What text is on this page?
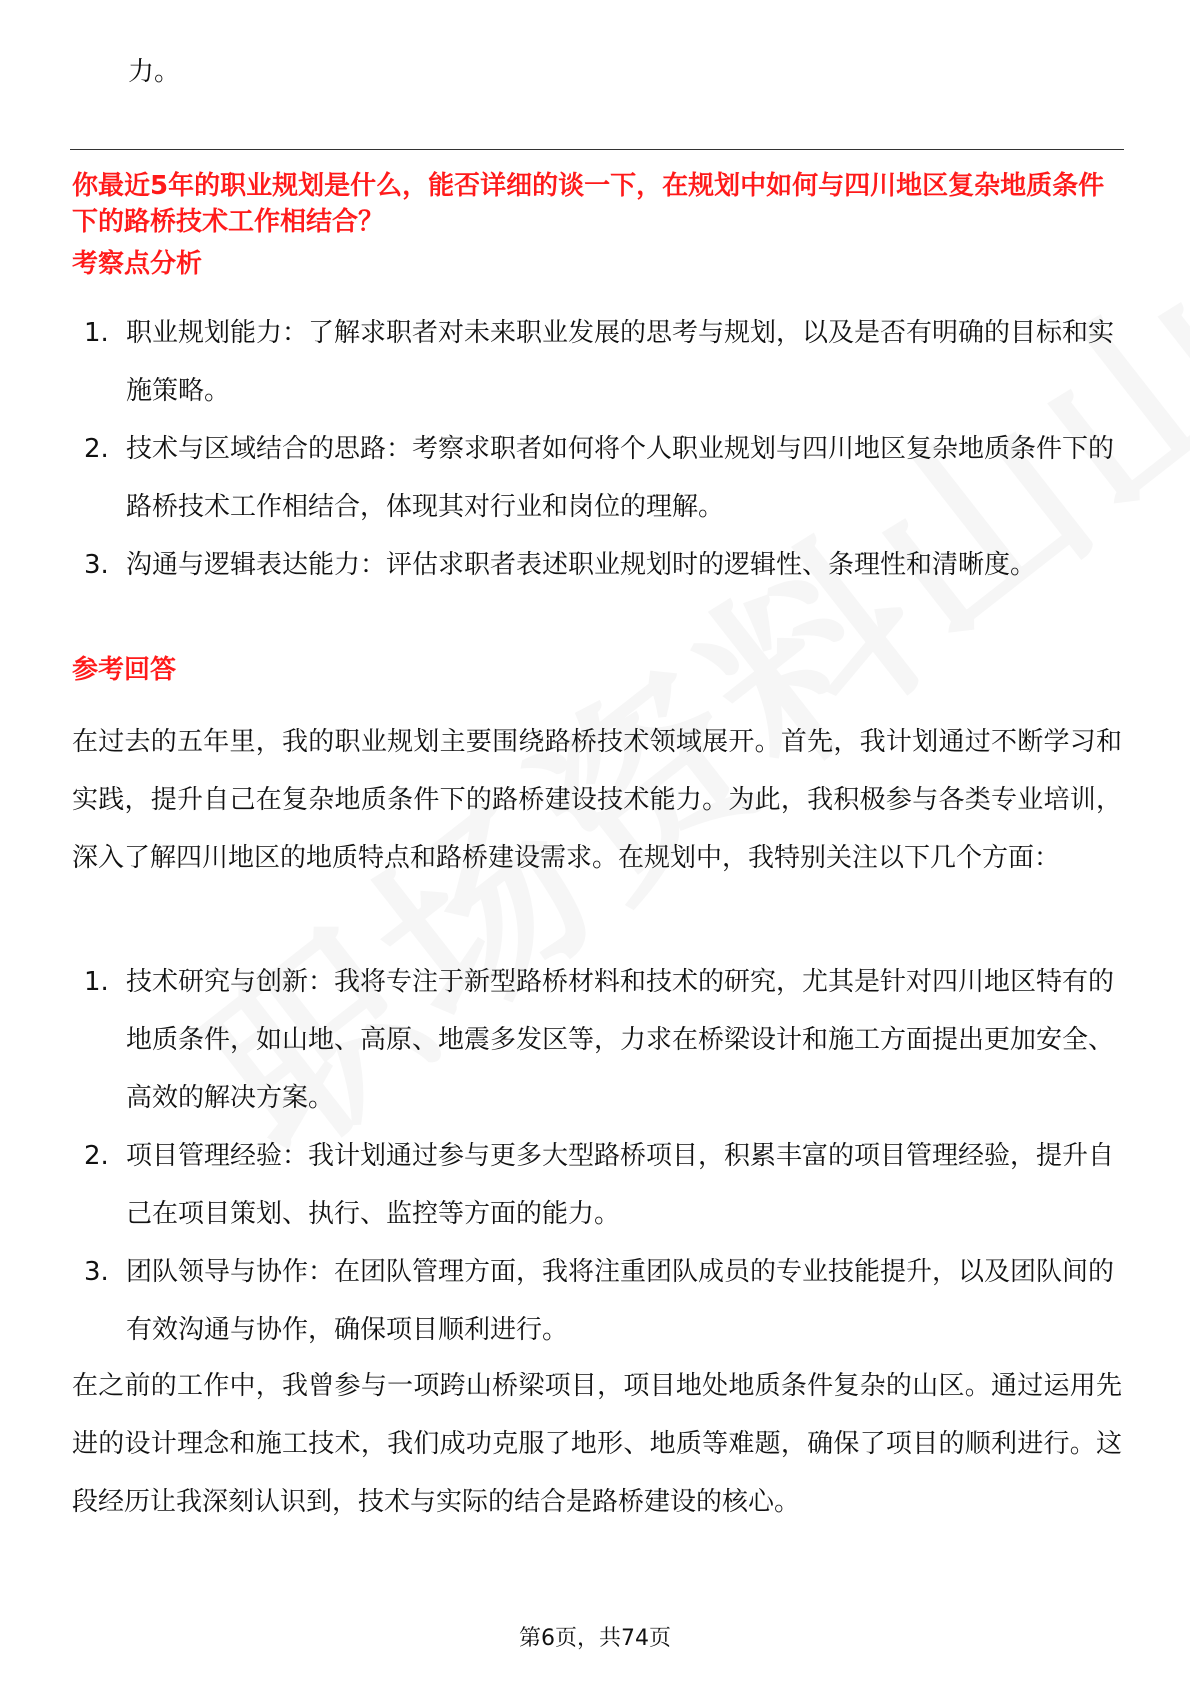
力。
你最近5年的职业规划是什么，能否详细的谈一下，在规划中如何与四川地区复杂地质条件下的路桥技术工作相结合？
考察点分析
1. 职业规划能力：了解求职者对未来职业发展的思考与规划，以及是否有明确的目标和实施策略。
2. 技术与区域结合的思路：考察求职者如何将个人职业规划与四川地区复杂地质条件下的路桥技术工作相结合，体现其对行业和岗位的理解。
3. 沟通与逻辑表达能力：评估求职者表述职业规划时的逻辑性、条理性和清晰度。
参考回答
在过去的五年里，我的职业规划主要围绕路桥技术领域展开。首先，我计划通过不断学习和实践，提升自己在复杂地质条件下的路桥建设技术能力。为此，我积极参与各类专业培训，深入了解四川地区的地质特点和路桥建设需求。在规划中，我特别关注以下几个方面：
1. 技术研究与创新：我将专注于新型路桥材料和技术的研究，尤其是针对四川地区特有的地质条件，如山地、高原、地震多发区等，力求在桥梁设计和施工方面提出更加安全、高效的解决方案。
2. 项目管理经验：我计划通过参与更多大型路桥项目，积累丰富的项目管理经验，提升自己在项目策划、执行、监控等方面的能力。
3. 团队领导与协作：在团队管理方面，我将注重团队成员的专业技能提升，以及团队间的有效沟通与协作，确保项目顺利进行。
在之前的工作中，我曾参与一项跨山桥梁项目，项目地处地质条件复杂的山区。通过运用先进的设计理念和施工技术，我们成功克服了地形、地质等难题，确保了项目的顺利进行。这段经历让我深刻认识到，技术与实际的结合是路桥建设的核心。
第6页，共74页
